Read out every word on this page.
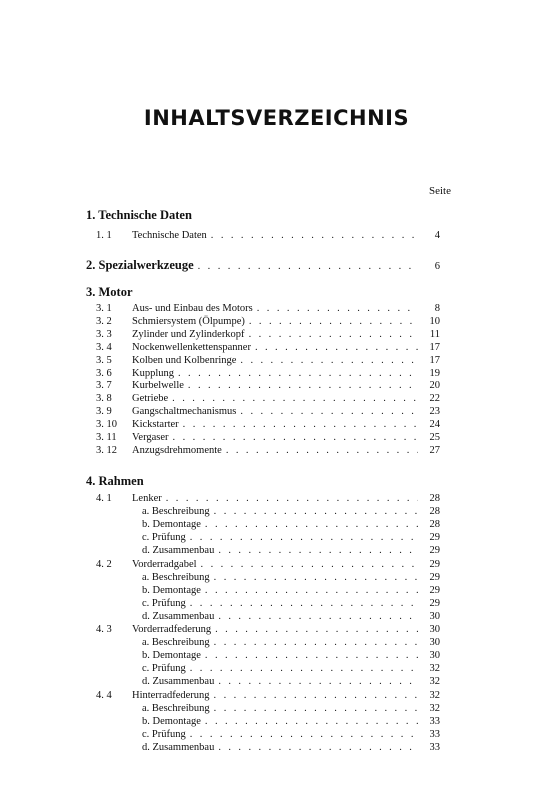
INHALTSVERZEICHNIS
Seite
1. Technische Daten
1. 1	Technische Daten . . .	4
2. Spezialwerkzeuge . . .	6
3. Motor
3. 1	Aus- und Einbau des Motors . . .	8
3. 2	Schmiersystem (Ölpumpe) . . .	10
3. 3	Zylinder und Zylinderkopf . . .	11
3. 4	Nockenwellenkettenspanner . . .	17
3. 5	Kolben und Kolbenringe . . .	17
3. 6	Kupplung . . .	19
3. 7	Kurbelwelle . . .	20
3. 8	Getriebe . . .	22
3. 9	Gangschaltmechanismus . . .	23
3. 10	Kickstarter . . .	24
3. 11	Vergaser . . .	25
3. 12	Anzugsdrehmomente . . .	27
4. Rahmen
4. 1	Lenker . . .	28
a. Beschreibung . . .	28
b. Demontage . . .	28
c. Prüfung . . .	29
d. Zusammenbau . . .	29
4. 2	Vorderradgabel . . .	29
a. Beschreibung . . .	29
b. Demontage . . .	29
c. Prüfung . . .	29
d. Zusammenbau . . .	30
4. 3	Vorderradfederung . . .	30
a. Beschreibung . . .	30
b. Demontage . . .	30
c. Prüfung . . .	32
d. Zusammenbau . . .	32
4. 4	Hinterradfederung . . .	32
a. Beschreibung . . .	32
b. Demontage . . .	33
c. Prüfung . . .	33
d. Zusammenbau . . .	33
